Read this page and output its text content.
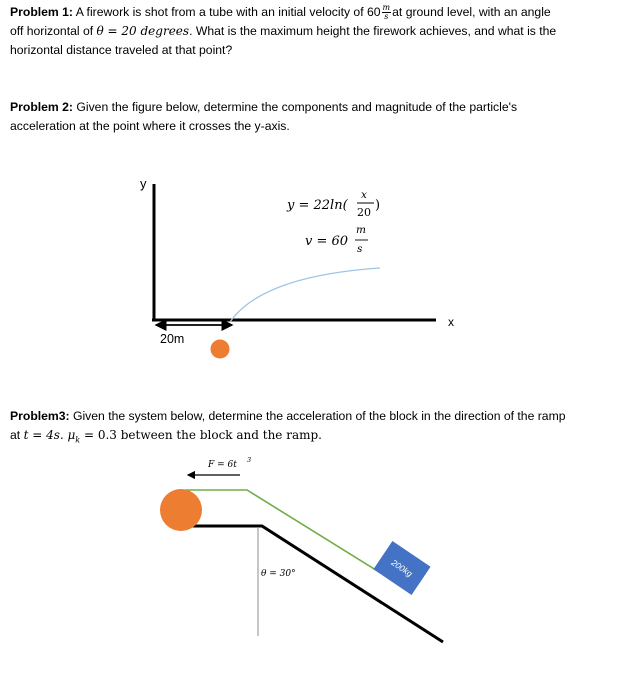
Problem 1: A firework is shot from a tube with an initial velocity of $60 \frac{m}{s}$ at ground level, with an angle
off horizontal of θ = 20 degrees. What is the maximum height the firework achieves, and what is the
horizontal distance traveled at that point?
Problem 2: Given the figure below, determine the components and magnitude of the particle's
acceleration at the point where it crosses the y-axis.
y
x
20m
y = 22ln(
x
20 )
v = 60
m
s
Problem3: Given the system below, determine the acceleration of the block in the direction of the ramp
at t = 4s. $\mu_k = 0.3$ between the block and the ramp.
F = 6t 3
θ = 30°	200kg
